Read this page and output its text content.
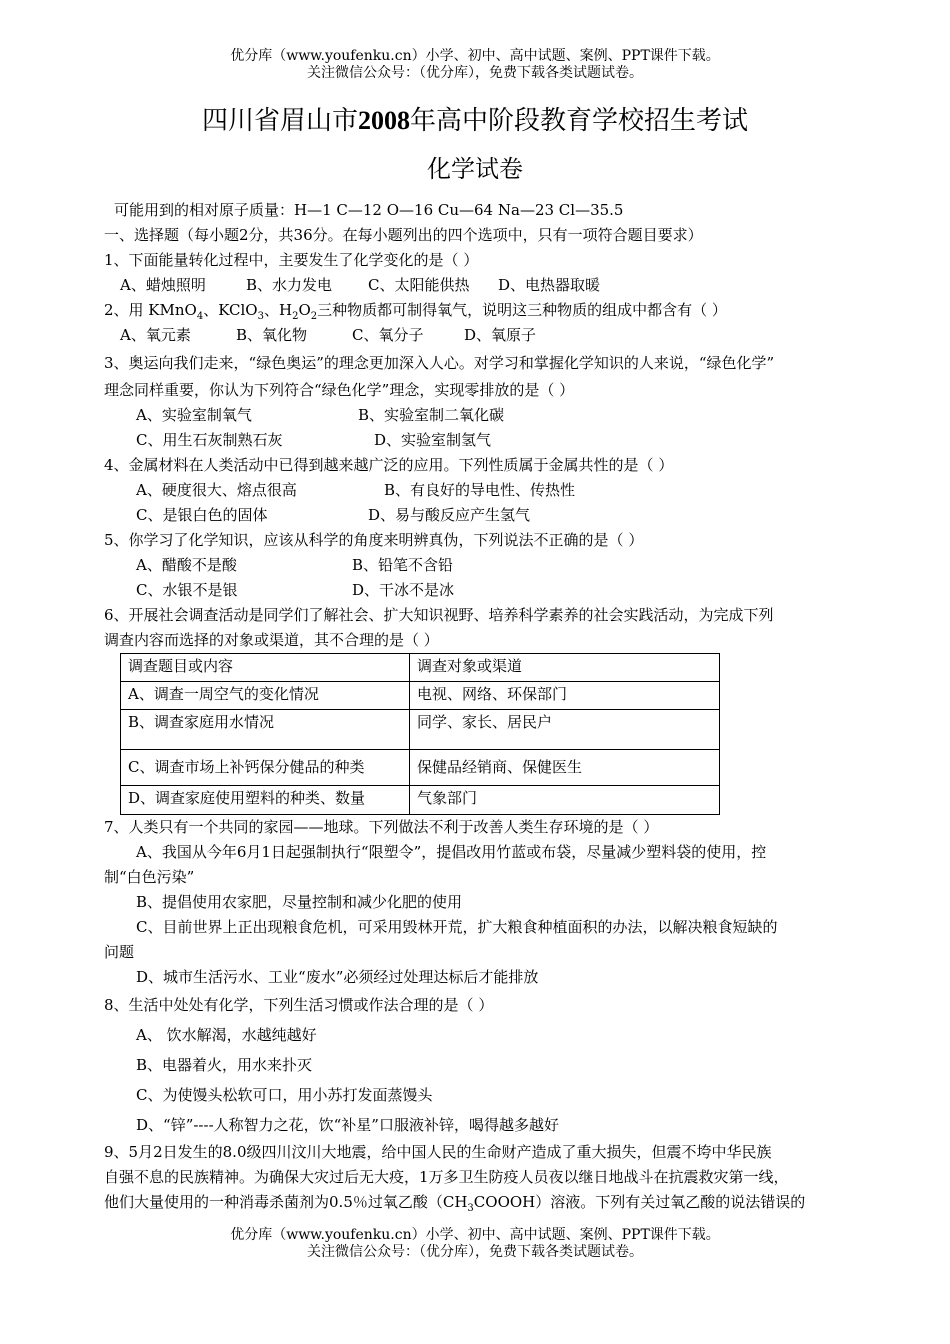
优分库（www.youfenku.cn）小学、初中、高中试题、案例、PPT课件下载。
关注微信公众号：（优分库），免费下载各类试题试卷。
四川省眉山市2008年高中阶段教育学校招生考试
化学试卷
可能用到的相对原子质量：H—1 C—12 O—16 Cu—64 Na—23 Cl—35.5
一、选择题（每小题2分，共36分。在每小题列出的四个选项中，只有一项符合题目要求）
1、下面能量转化过程中，主要发生了化学变化的是（ ）
A、蜡烛照明	B、水力发电 C、太阳能供热 D、电热器取暖
2、用 KMnO$_4$、KClO$_3$、$H_2O_2$三种物质都可制得氧气，说明这三种物质的组成中都含有（ ）
A、氧元素	B、氧化物	C、氧分子	D、氧原子
3、奥运向我们走来，“绿色奥运”的理念更加深入人心。对学习和掌握化学知识的人来说，“绿色化学”
理念同样重要，你认为下列符合“绿色化学”理念，实现零排放的是（ ）
A、实验室制氧气	B、实验室制二氧化碳
C、用生石灰制熟石灰	D、实验室制氢气
4、金属材料在人类活动中已得到越来越广泛的应用。下列性质属于金属共性的是（ ）
A、硬度很大、熔点很高	B、有良好的导电性、传热性
C、是银白色的固体	D、易与酸反应产生氢气
5、你学习了化学知识，应该从科学的角度来明辨真伪，下列说法不正确的是（ ）
A、醋酸不是酸	B、铅笔不含铅
C、水银不是银	D、干冰不是冰
6、开展社会调查活动是同学们了解社会、扩大知识视野、培养科学素养的社会实践活动，为完成下列
调查内容而选择的对象或渠道，其不合理的是（ ）
调查题目或内容	调查对象或渠道
A、调查一周空气的变化情况	电视、网络、环保部门
B、调查家庭用水情况	同学、家长、居民户
C、调查市场上补钙保分健品的种类	保健品经销商、保健医生
D、调查家庭使用塑料的种类、数量	气象部门
7、人类只有一个共同的家园——地球。下列做法不利于改善人类生存环境的是（ ）
A、我国从今年6月1日起强制执行“限塑令”，提倡改用竹蓝或布袋，尽量减少塑料袋的使用，控
制“白色污染”
B、提倡使用农家肥，尽量控制和减少化肥的使用
C、目前世界上正出现粮食危机，可采用毁林开荒，扩大粮食种植面积的办法，以解决粮食短缺的
问题
D、城市生活污水、工业“废水”必须经过处理达标后才能排放
8、生活中处处有化学，下列生活习惯或作法合理的是（ ）
A、 饮水解渴，水越纯越好
B、电器着火，用水来扑灭
C、为使馒头松软可口，用小苏打发面蒸馒头
D、“锌”----人称智力之花，饮“补星”口服液补锌，喝得越多越好
9、5月2日发生的8.0级四川汶川大地震，给中国人民的生命财产造成了重大损失，但震不垮中华民族
自强不息的民族精神。为确保大灾过后无大疫，1万多卫生防疫人员夜以继日地战斗在抗震救灾第一线，
他们大量使用的一种消毒杀菌剂为0.5％过氧乙酸$(CH_3COOOH)$溶液。下列有关过氧乙酸的说法错误的
优分库（www.youfenku.cn）小学、初中、高中试题、案例、PPT课件下载。
关注微信公众号：（优分库），免费下载各类试题试卷。
